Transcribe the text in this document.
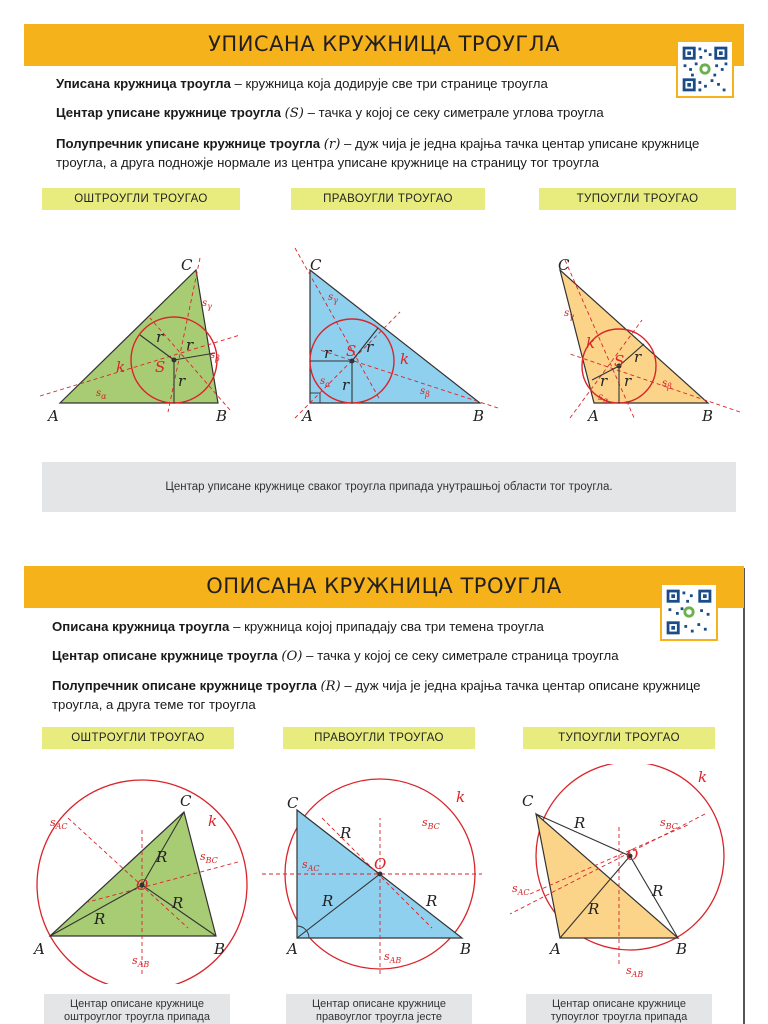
УПИСАНА КРУЖНИЦА ТРОУГЛА
Уписана кружница троугла – кружница која додирује све три странице троугла
Центар уписане кружнице троугла (S) – тачка у којој се секу симетрале углова троугла
Полупречник уписане кружнице троугла (r) – дуж чија је једна крајња тачка центар уписане кружнице троугла, а друга подножје нормале из центра уписане кружнице на страницу тог троугла
ОШТРОУГЛИ ТРОУГАО	ПРАВОУГЛИ ТРОУГАО	ТУПОУГЛИ ТРОУГАО
A	B
C
S
r
r
r
k
$s_\alpha$
$s_\gamma$
$s_\beta$
A	B
C
S
r
r
r
k
$s_\alpha$
$s_\gamma$
$s_\beta$
A	B
C
S
r r
r
k
$s_\alpha$
$s_\gamma$
$s_\beta$
Центар уписане кружнице сваког троугла припада унутрашњој области тог троугла.
ОПИСАНА КРУЖНИЦА ТРОУГЛА
Описана кружница троугла – кружница којој припадају сва три темена троугла
Центар описане кружнице троугла (O) – тачка у којој се секу симетрале страница троугла
Полупречник описане кружнице троугла (R) – дуж чија је једна крајња тачка центар описане кружнице троугла, а друга теме тог троугла
ОШТРОУГЛИ ТРОУГАО	ПРАВОУГЛИ ТРОУГАО	ТУПОУГЛИ ТРОУГАО
A	B
C
O
R
R
R
k
$s_{AC}$
$s_{BC}$
$s_{AB}$
A	B
C
O
R
R	R
k
$s_{AC}$
$s_{BC}$
$s_{AB}$
A	B
C
O
R
R
R
k
$s_{AC}$
$s_{BC}$
$s_{AB}$
Центар описане кружнице
оштроуглог троугла припада
Центар описане кружнице
правоуглог троугла јесте
Центар описане кружнице
тупоуглог троугла припада
